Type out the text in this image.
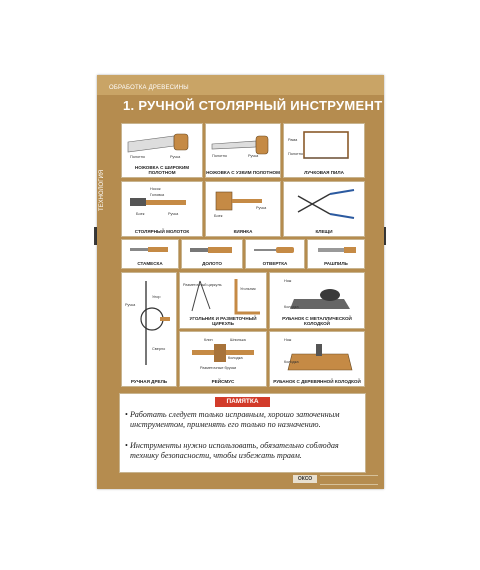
ОБРАБОТКА ДРЕВЕСИНЫ
ТЕХНОЛОГИЯ
1. РУЧНОЙ СТОЛЯРНЫЙ ИНСТРУМЕНТ
Полотно	Ручка
НОЖОВКА С ШИРОКИМ ПОЛОТНОМ
Полотно	Ручка
НОЖОВКА С УЗКИМ ПОЛОТНОМ
Рама
Полотно
ЛУЧКОВАЯ ПИЛА
Носок
Головка
Ручка
Боек
СТОЛЯРНЫЙ МОЛОТОК
Боек
Ручка
КИЯНКА	КЛЕЩИ
СТАМЕСКА	ДОЛОТО	ОТВЕРТКА	РАШПИЛЬ
Ручка
Упор
Сверло
РУЧНАЯ ДРЕЛЬ
Разметочный циркуль
Угольник
УГОЛЬНИК И РАЗМЕТОЧНЫЙ ЦИРКУЛЬ
Нож
Колодка
РУБАНОК С МЕТАЛЛИЧЕСКОЙ КОЛОДКОЙ
Клин	Шпилька
Колодка
Разметочные бруски
РЕЙСМУС
Нож
Колодка
РУБАНОК С ДЕРЕВЯННОЙ КОЛОДКОЙ
ПАМЯТКА
• Работать следует только исправным, хорошо заточенным инструментом, применять его только по назначению.
• Инструменты нужно использовать, обязательно соблюдая технику безопасности, чтобы избежать травм.
ОКСО
